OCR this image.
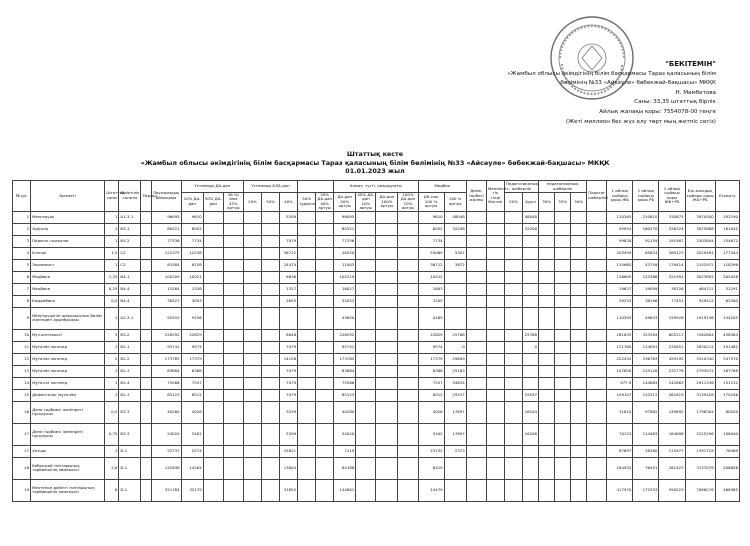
"БЕКІТЕМІН"
«Жамбыл облысы әкімдігінің білім басқармасы Тараз қаласының білім
бөлімінің №33 «Айсәуле» бөбекжай-бақшасы» МКҚК
Н. Мамбетова
Саны: 33,35 штаттық бірлік
Айлық жалақы қоры: 7554078-00 теңге
(Жеті миллион бес жүз елу төрт мың жетпіс сегіз)
Штаттық кесте
«Жамбыл облысы әкімдігінің білім басқармасы Тараз қаласының білім бөлімінің №33 «Айсәуле» бөбекжай-бақшасы» МКҚК
01.01.2023 жыл
№ р/с	Қызметі	Штаттық саны	Біліктілік санаты	Разряд	Лауазымдық айлықақы	Үстемақы ДА-дан			Үстемақы БЛА-дан					Алмаз, түсті, разрядтағы				Медбөк		Деме-гербесі жалпы	Мемлекет-тік тілді білгені	Педагогикалық шеберлік		педагогикалық шеберлік			Педагог шеберлігі	1 айлық сыйақы қоры ЖБ	1 айлық сыйақы қоры РБ	1 айлық сыйақы қоры ЖБ+РБ	Бір жылдық сыйақы қоры ЖБ+РБ	Ескерту
						10% ДА-дан	30% ДА-дан	36 %/алм 45% артуы	20%	30%	40%			ДА-дан 50% артуы	45% ДА-дан 10% артуы	ДА-дан 100% артуы	100% ДА-дан 10% артуы	ДК-нан 100 % артуы	100 % артуы													
												50% тұрақты	50% ДА-дан 40% артуы									50%	Ауыл	30%	35%	50%						
1	Меңгеруші	1	A1-3-1		96095	9610					5309			96095				9610	48048				48048					120265	210610	330875	3970500	192190
2	Әдіскер	1	B3-1		80521	8052								80521				8052	32208				32208					95954	160370	256324	3075888	161042
3	Педагог-психолог	1	B3-2		77336	7734					7079			77336				7734										99828	92159	191987	2303844	154672
4	Есепші	1,5	C2		122375	12238					36712			16320				55069	5507									203499	65624	269123	3229481	177444
5	Экономист	1	C2		81584	8158					24474			11003				36712	3672									135665	43749	179414	2152972	118296
6	Медбике	1,25	B4-1		100209	10021					6636			105219				10522										126605	125386	251991	3023892	205428
7	Медбике	0,25	B4-4		15264	1526					1327			16027				1603										19627	19099	38726	464712	31291
8	Емдәмбике	0,5	B4-4		30527	3053					2655			32053				3205										39255	38196	77451	929412	62580
9	Меңгерушінің шаруашылық бөлім жөніндегі орынбасары	1	A2-3-1		92555	9256								43650				4165										110295	49633	159928	1919136	134205
10	Муз.жетекшісі	3	B3-2		228292	22829					8848			228292				22829	25768				25768					281633	323584	605217	7262604	456584
11	Мұғалім логопед	1	B2-1		95741	9574					7079			95741				9574	0				0					121760	114091	235851	2830212	191482
12	Мұғалім логопед	2	B2-2		173785	17379					14158			173785				17379	29609									222432	236763	459195	5510340	347570
13	Мұғалім логопед	1	B2-3		83884	8388					7079			83884				8388	25163									107650	125126	232776	2793072	167768
14	Мұғал-м логопед	1	B2-4		75566	7557					7079			75566				7557	54834									977.9	144884	242663	2911336	151132
15	Дефектолог мұғалімі	1	B2-3		85123	8512					7079			85123				8512	25537				25537					109107	152512	261619	3139428	170246
16	Дене тәрбиесі жөніндегі нұсқаушы	0,5	B3-3		40260	4026					3539			40260				4026	17697				16104					31810	97882	149692	1796304	80520
17	Дене тәрбиесі жөніндегі нұсқаушы	0,75	B3-3		54020	5402					5309			54020				5402	17697				16206					70123	114483	184608	2215296	108040
17	Хатшы	1	D-1		52737	5274					15821			7119				23732	2373									87697	28280	115977	1391729	76469
18	Бөбекжай топтарының тәрбиешінің көмекшісі	2,6	D-1		142638	14264					13804			64188				6419										184932	76491	261423	3137076	206826
19	Мектепке дейінгі топтарының тәрбиешінің көмекшісі	6	D-1		321784	32179					31855			144801				14479										417970	172553	590523	7086276	466585
